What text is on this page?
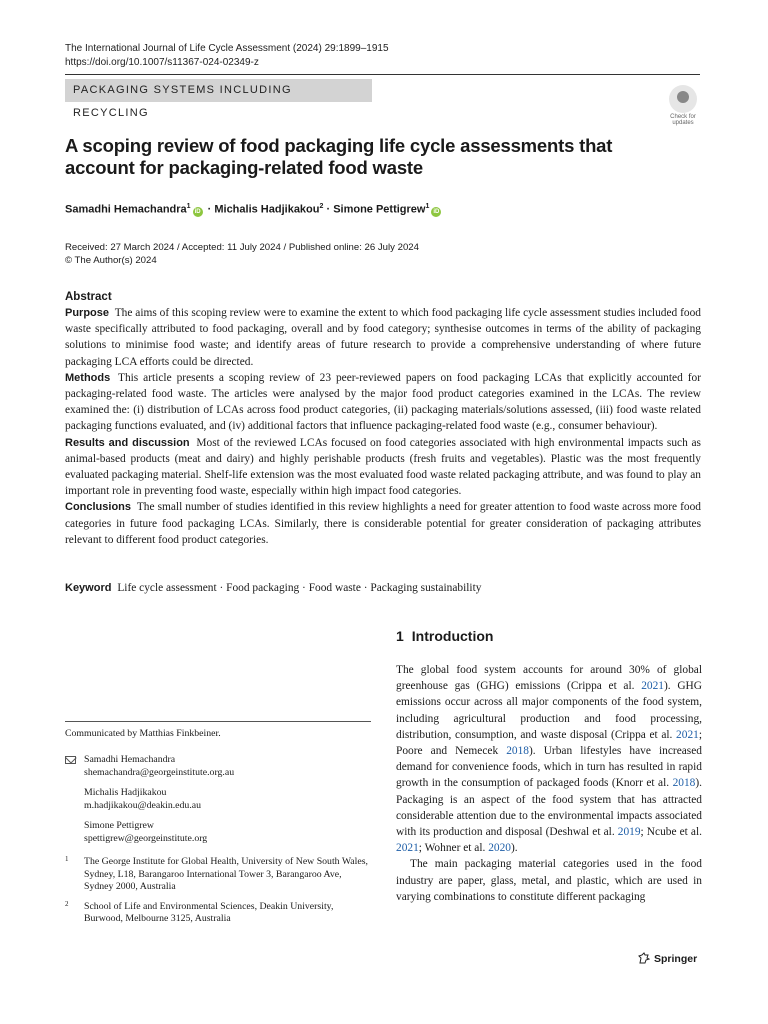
The International Journal of Life Cycle Assessment (2024) 29:1899–1915
https://doi.org/10.1007/s11367-024-02349-z
PACKAGING SYSTEMS INCLUDING RECYCLING	Check for
updates
A scoping review of food packaging life cycle assessments that account for packaging-related food waste
Samadhi Hemachandra$^1$iD · Michalis Hadjikakou$^2$ · Simone Pettigrew$^1$iD
Received: 27 March 2024 / Accepted: 11 July 2024 / Published online: 26 July 2024
© The Author(s) 2024
Abstract

Purpose The aims of this scoping review were to examine the extent to which food packaging life cycle assessment studies included food waste specifically attributed to food packaging, overall and by food category; synthesise outcomes in terms of the ability of packaging solutions to minimise food waste; and identify areas of future research to provide a comprehensive understanding of where future packaging LCA efforts could be directed.

Methods This article presents a scoping review of 23 peer-reviewed papers on food packaging LCAs that explicitly accounted for packaging-related food waste. The articles were analysed by the major food product categories examined in the LCAs. The review examined the: (i) distribution of LCAs across food product categories, (ii) packaging materials/solutions assessed, (iii) food waste related packaging functions evaluated, and (iv) additional factors that influence packaging-related food waste (e.g., consumer behaviour).

Results and discussion Most of the reviewed LCAs focused on food categories associated with high environmental impacts such as animal-based products (meat and dairy) and highly perishable products (fresh fruits and vegetables). Plastic was the most frequently evaluated packaging material. Shelf-life extension was the most evaluated food waste related packaging attribute, and was found to play an important role in preventing food waste, especially within high impact food categories.

Conclusions The small number of studies identified in this review highlights a need for greater attention to food waste across more food categories in future food packaging LCAs. Similarly, there is considerable potential for greater consideration of packaging attributes relevant to different food product categories.

Keyword Life cycle assessment · Food packaging · Food waste · Packaging sustainability
1 Introduction

The global food system accounts for around 30% of global greenhouse gas (GHG) emissions (Crippa et al. 2021). GHG emissions occur across all major components of the food system, including agricultural production and food processing, distribution, consumption, and waste disposal (Crippa et al. 2021; Poore and Nemecek 2018). Urban lifestyles have increased demand for convenience foods, which in turn has resulted in rapid growth in the consumption of packaged foods (Knorr et al. 2018). Packaging is an aspect of the food system that has attracted considerable attention due to the environmental impacts associated with its production and disposal (Deshwal et al. 2019; Ncube et al. 2021; Wohner et al. 2020).

The main packaging material categories used in the food industry are paper, glass, metal, and plastic, which are used in varying combinations to constitute different packaging

Communicated by Matthias Finkbeiner.
Samadhi Hemachandra
shemachandra@georgeinstitute.org.au
Michalis Hadjikakou
m.hadjikakou@deakin.edu.au
Simone Pettigrew
spettigrew@georgeinstitute.org
1 The George Institute for Global Health, University of New South Wales, Sydney, L18, Barangaroo International Tower 3, Barangaroo Ave, Sydney 2000, Australia
2 School of Life and Environmental Sciences, Deakin University, Burwood, Melbourne 3125, Australia
Springer
